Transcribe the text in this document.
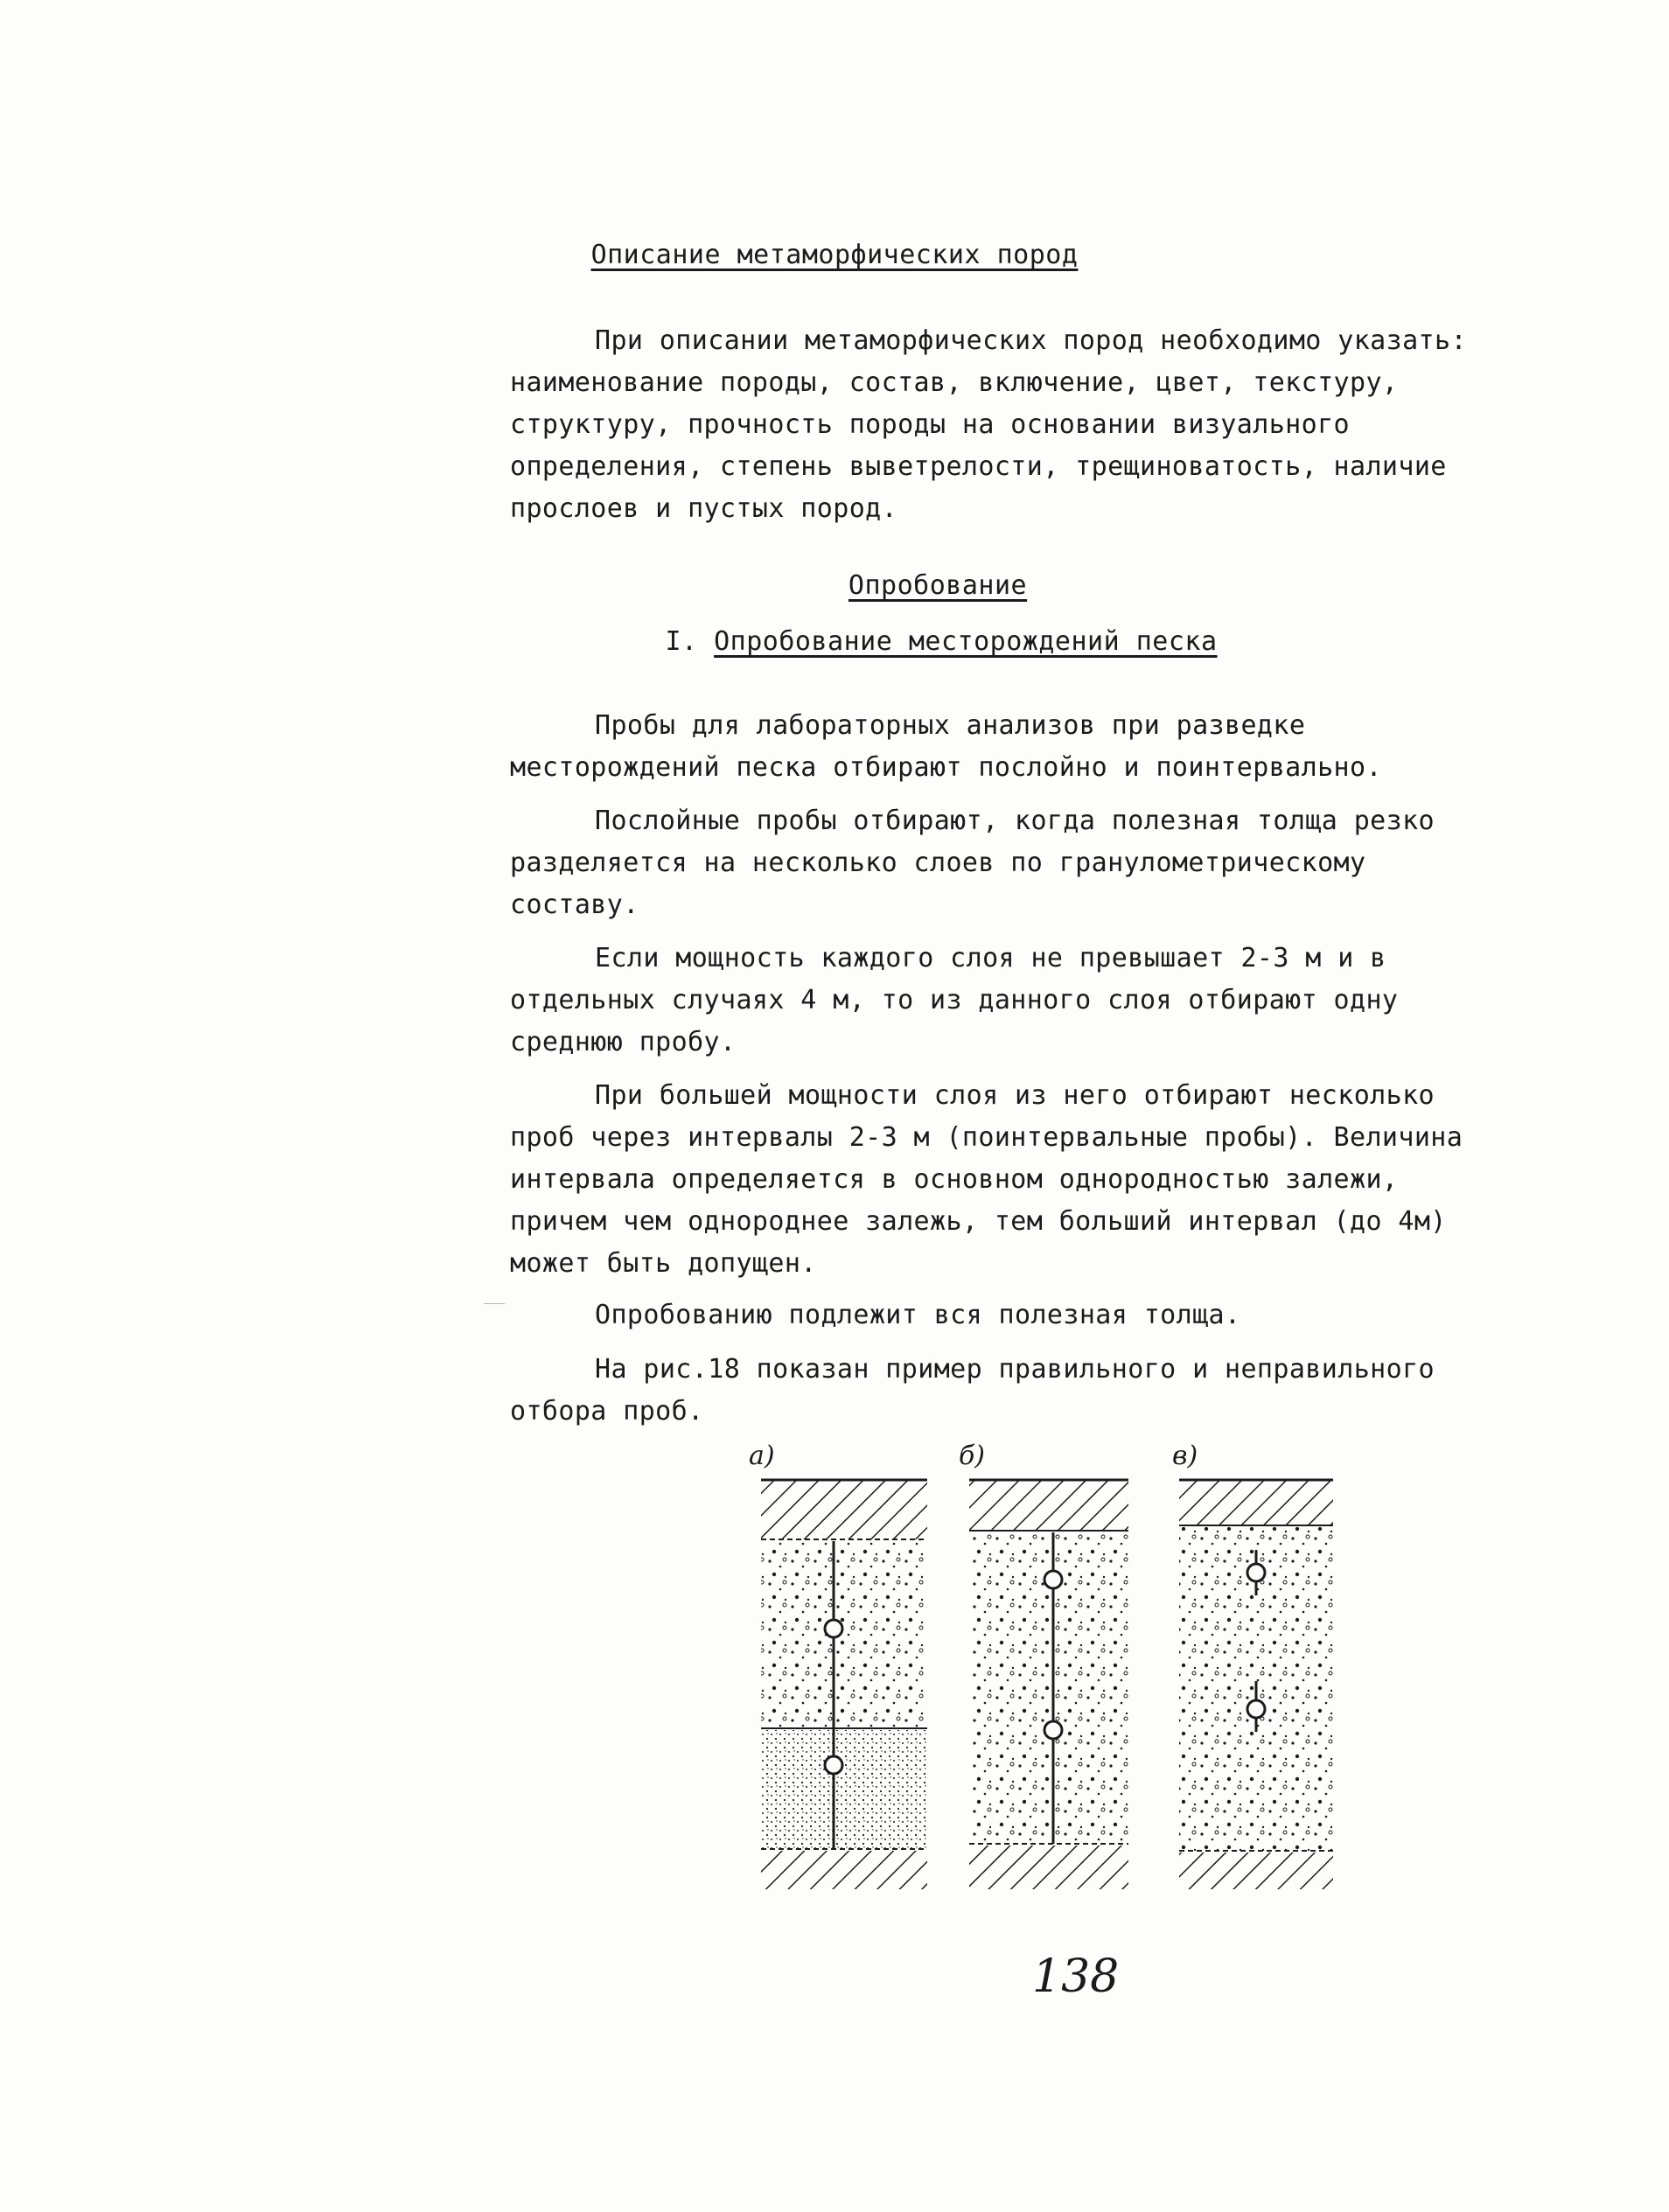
Описание метаморфических пород

При описании метаморфических пород необходимо указать: наименование породы, состав, включение, цвет, текстуру, структуру, прочность породы на основании визуального определения, степень выветрелости, трещиноватость, наличие прослоев и пустых пород.

Опробование
I. Опробование месторождений песка

Пробы для лабораторных анализов при разведке месторождений песка отбирают послойно и поинтервально.

Послойные пробы отбирают, когда полезная толща резко разделяется на несколько слоев по гранулометрическому составу.

Если мощность каждого слоя не превышает 2-3 м и в отдельных случаях 4 м, то из данного слоя отбирают одну среднюю пробу.

При большей мощности слоя из него отбирают несколько проб через интервалы 2-3 м (поинтервальные пробы). Величина интервала определяется в основном однородностью залежи, причем чем однороднее залежь, тем больший интервал (до 4м) может быть допущен.

Опробованию подлежит вся полезная толща.

На рис.18 показан пример правильного и неправильного отбора проб.

а)	б)	в)
138
